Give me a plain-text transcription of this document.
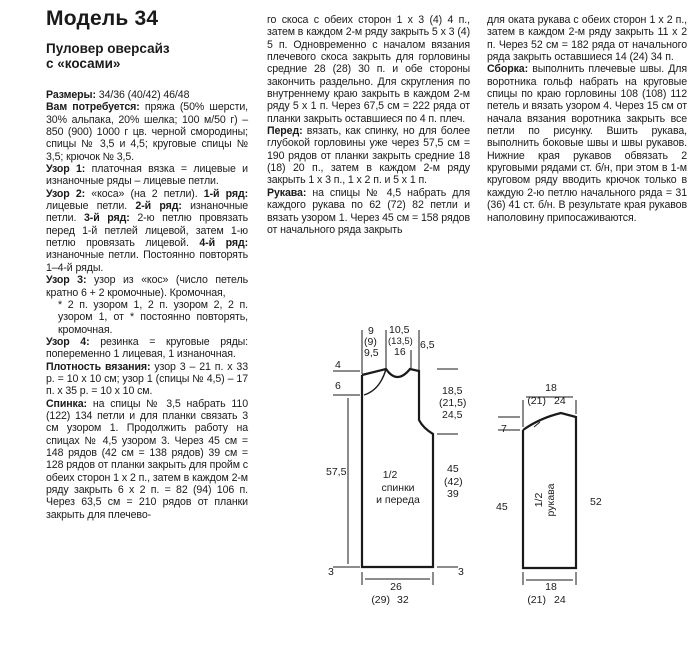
Модель 34
Пуловер оверсайз
с «косами»

Размеры: 34/36 (40/42) 46/48

Вам потребуется: пряжа (50% шерсти, 30% альпака, 20% шелка; 100 м/50 г) – 850 (900) 1000 г цв. черной смородины; спицы № 3,5 и 4,5; круговые спицы № 3,5; крючок № 3,5.

Узор 1: платочная вязка = лицевые и изнаночные ряды – лицевые петли.

Узор 2: «коса» (на 2 петли). 1-й ряд: лицевые петли. 2-й ряд: изнаночные петли. 3-й ряд: 2-ю петлю провязать перед 1-й петлей лицевой, затем 1-ю петлю провязать лицевой. 4-й ряд: изнаночные петли. Постоянно повторять 1–4-й ряды.

Узор 3: узор из «кос» (число петель кратно 6 + 2 кромочные). Кромочная,

* 2 п. узором 1, 2 п. узором 2, 2 п. узором 1, от * постоянно повторять, кромочная.

Узор 4: резинка = круговые ряды: попеременно 1 лицевая, 1 изнаночная.

Плотность вязания: узор 3 – 21 п. х 33 р. = 10 х 10 см; узор 1 (спицы № 4,5) – 17 п. х 35 р. = 10 х 10 см.

Спинка: на спицы № 3,5 набрать 110 (122) 134 петли и для планки связать 3 см узором 1. Продолжить работу на спицах № 4,5 узором 3. Через 45 см = 148 рядов (42 см = 138 рядов) 39 см = 128 рядов от планки закрыть для пройм с обеих сторон 1 х 2 п., затем в каждом 2-м ряду закрыть 6 х 2 п. = 82 (94) 106 п. Через 63,5 см = 210 рядов от планки закрыть для плечево-

го скоса с обеих сторон 1 х 3 (4) 4 п., затем в каждом 2-м ряду закрыть 5 х 3 (4) 5 п. Одновременно с началом вязания плечевого скоса закрыть для горловины средние 28 (28) 30 п. и обе стороны закончить раздельно. Для скругления по внутреннему краю закрыть в каждом 2-м ряду 5 х 1 п. Через 67,5 см = 222 ряда от планки закрыть оставшиеся по 4 п. плеч.

Перед: вязать, как спинку, но для более глубокой горловины уже через 57,5 см = 190 рядов от планки закрыть средние 18 (18) 20 п., затем в каждом 2-м ряду закрыть 1 х 3 п., 1 х 2 п. и 5 х 1 п.

Рукава: на спицы № 4,5 набрать для каждого рукава по 62 (72) 82 петли и вязать узором 1. Через 45 см = 158 рядов от начального ряда закрыть

для оката рукава с обеих сторон 1 х 2 п., затем в каждом 2-м ряду закрыть 11 х 2 п. Через 52 см = 182 ряда от начального ряда закрыть оставшиеся 14 (24) 34 п.

Сборка: выполнить плечевые швы. Для воротника гольф набрать на круговые спицы по краю горловины 108 (108) 112 петель и вязать узором 4. Через 15 см от начала вязания воротника закрыть все петли по рисунку. Вшить рукава, выполнить боковые швы и швы рукавов. Нижние края рукавов обвязать 2 круговыми рядами ст. б/н, при этом в 1-м круговом ряду вводить крючок только в каждую 2-ю петлю начального ряда = 31 (36) 41 ст. б/н. В результате края рукавов наполовину припосаживаются.

9
(9)
9,5
10,5
(13,5)
16
6,5
4
6
57,5
3
18,5
(21,5)
24,5
45
(42)
39
3
1/2
спинки
и переда
26
(29) 32
18
(21) 24
7
45	52
18
(21) 24
1/2 рукава
